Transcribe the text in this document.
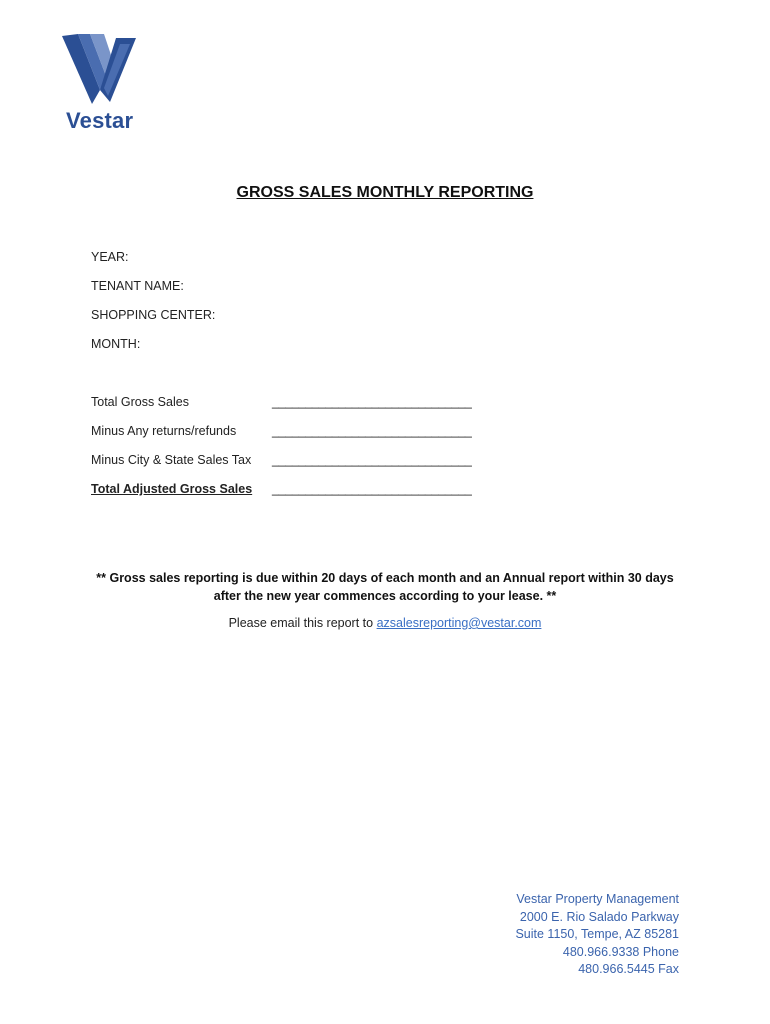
Vestar
GROSS SALES MONTHLY REPORTING
YEAR:
TENANT NAME:
SHOPPING CENTER:
MONTH:
Total Gross Sales	______________________________
Minus Any returns/refunds	______________________________
Minus City & State Sales Tax ______________________________
Total Adjusted Gross Sales ______________________________
** Gross sales reporting is due within 20 days of each month and an Annual report within 30 days
after the new year commences according to your lease. **
Please email this report to azsalesreporting@vestar.com
Vestar Property Management
2000 E. Rio Salado Parkway
Suite 1150, Tempe, AZ 85281
480.966.9338 Phone
480.966.5445 Fax
